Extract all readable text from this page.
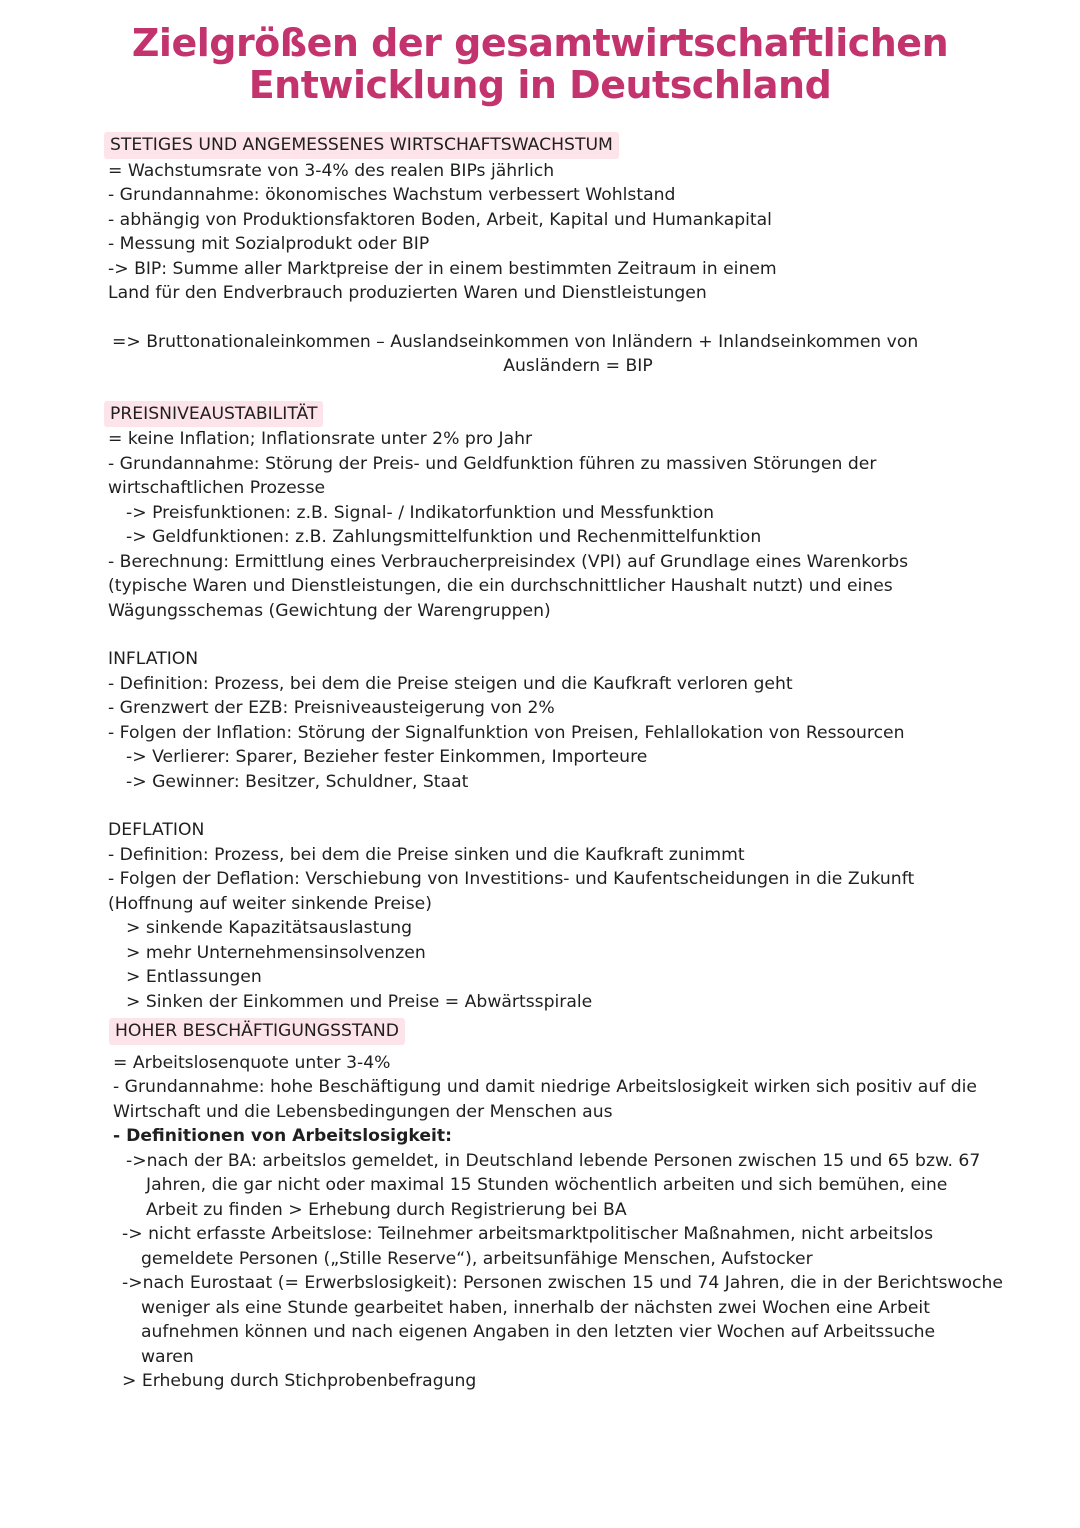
Zielgrößen der gesamtwirtschaftlichen
Entwicklung in Deutschland
STETIGES UND ANGEMESSENES WIRTSCHAFTSWACHSTUM
= Wachstumsrate von 3-4% des realen BIPs jährlich
- Grundannahme: ökonomisches Wachstum verbessert Wohlstand
- abhängig von Produktionsfaktoren Boden, Arbeit, Kapital und Humankapital
- Messung mit Sozialprodukt oder BIP
-> BIP: Summe aller Marktpreise der in einem bestimmten Zeitraum in einem
Land für den Endverbrauch produzierten Waren und Dienstleistungen
=> Bruttonationaleinkommen – Auslandseinkommen von Inländern + Inlandseinkommen von
Ausländern = BIP
PREISNIVEAUSTABILITÄT
= keine Inflation; Inflationsrate unter 2% pro Jahr
- Grundannahme: Störung der Preis- und Geldfunktion führen zu massiven Störungen der
wirtschaftlichen Prozesse
-> Preisfunktionen: z.B. Signal- / Indikatorfunktion und Messfunktion
-> Geldfunktionen: z.B. Zahlungsmittelfunktion und Rechenmittelfunktion
- Berechnung: Ermittlung eines Verbraucherpreisindex (VPI) auf Grundlage eines Warenkorbs
(typische Waren und Dienstleistungen, die ein durchschnittlicher Haushalt nutzt) und eines
Wägungsschemas (Gewichtung der Warengruppen)
INFLATION
- Definition: Prozess, bei dem die Preise steigen und die Kaufkraft verloren geht
- Grenzwert der EZB: Preisniveausteigerung von 2%
- Folgen der Inflation: Störung der Signalfunktion von Preisen, Fehlallokation von Ressourcen
-> Verlierer: Sparer, Bezieher fester Einkommen, Importeure
-> Gewinner: Besitzer, Schuldner, Staat
DEFLATION
- Definition: Prozess, bei dem die Preise sinken und die Kaufkraft zunimmt
- Folgen der Deflation: Verschiebung von Investitions- und Kaufentscheidungen in die Zukunft
(Hoffnung auf weiter sinkende Preise)
> sinkende Kapazitätsauslastung
> mehr Unternehmensinsolvenzen
> Entlassungen
> Sinken der Einkommen und Preise = Abwärtsspirale
HOHER BESCHÄFTIGUNGSSTAND
= Arbeitslosenquote unter 3-4%
- Grundannahme: hohe Beschäftigung und damit niedrige Arbeitslosigkeit wirken sich positiv auf die
Wirtschaft und die Lebensbedingungen der Menschen aus
- Definitionen von Arbeitslosigkeit:
->nach der BA: arbeitslos gemeldet, in Deutschland lebende Personen zwischen 15 und 65 bzw. 67
Jahren, die gar nicht oder maximal 15 Stunden wöchentlich arbeiten und sich bemühen, eine
Arbeit zu finden > Erhebung durch Registrierung bei BA
-> nicht erfasste Arbeitslose: Teilnehmer arbeitsmarktpolitischer Maßnahmen, nicht arbeitslos
gemeldete Personen („Stille Reserve“), arbeitsunfähige Menschen, Aufstocker
->nach Eurostaat (= Erwerbslosigkeit): Personen zwischen 15 und 74 Jahren, die in der Berichtswoche
weniger als eine Stunde gearbeitet haben, innerhalb der nächsten zwei Wochen eine Arbeit
aufnehmen können und nach eigenen Angaben in den letzten vier Wochen auf Arbeitssuche
waren
> Erhebung durch Stichprobenbefragung
